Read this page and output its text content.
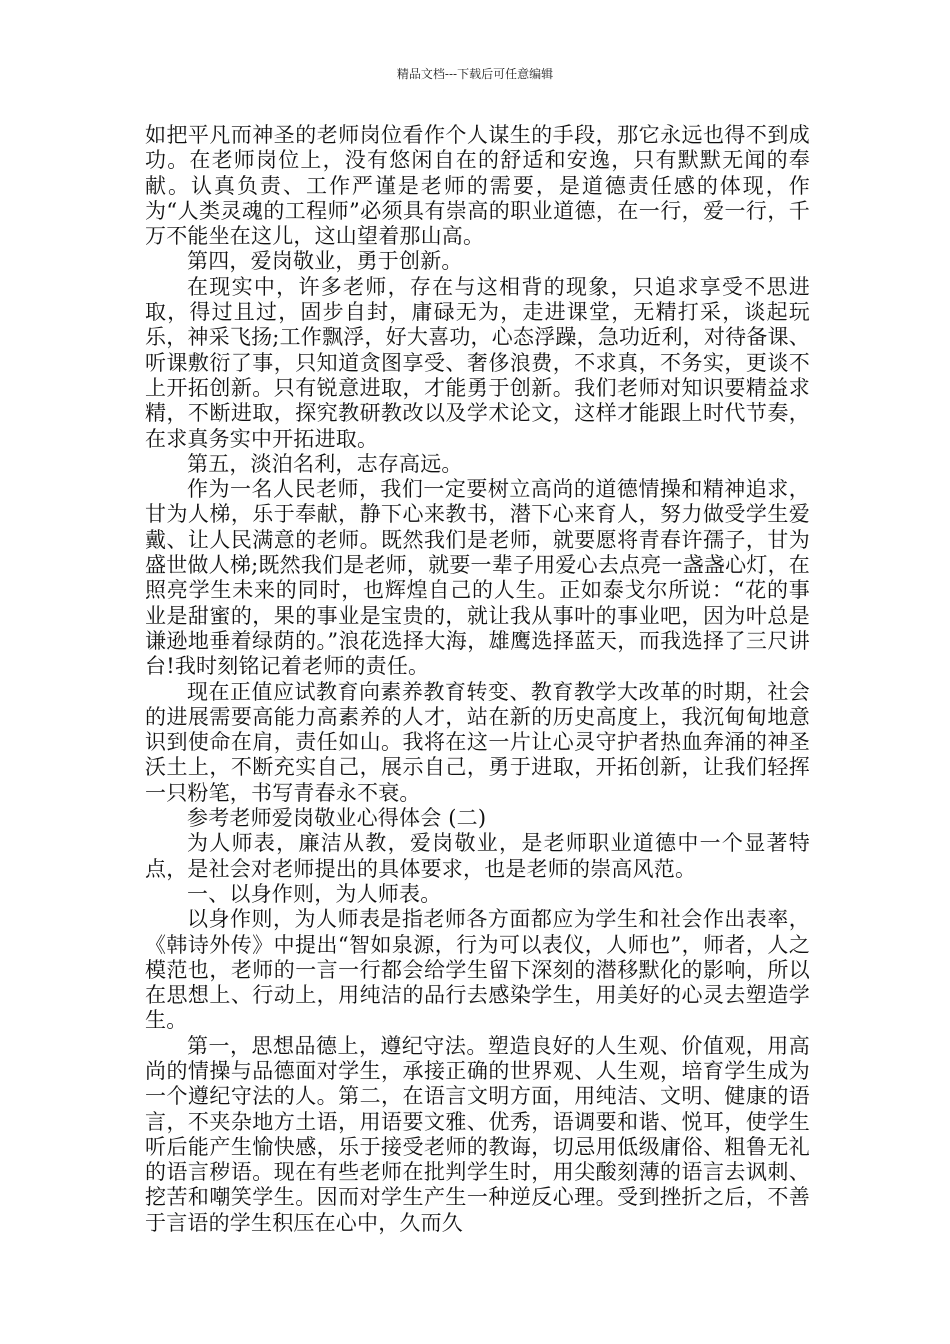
精品文档---下载后可任意编辑

如把平凡而神圣的老师岗位看作个人谋生的手段，那它永远也得不到成功。在老师岗位上，没有悠闲自在的舒适和安逸，只有默默无闻的奉献。认真负责、工作严谨是老师的需要，是道德责任感的体现，作为“人类灵魂的工程师”必须具有崇高的职业道德，在一行，爱一行，千万不能坐在这儿，这山望着那山高。

第四，爱岗敬业，勇于创新。

在现实中，许多老师，存在与这相背的现象，只追求享受不思进取，得过且过，固步自封，庸碌无为，走进课堂，无精打采，谈起玩乐，神采飞扬;工作飘浮，好大喜功，心态浮躁，急功近利，对待备课、听课敷衍了事，只知道贪图享受、奢侈浪费，不求真，不务实，更谈不上开拓创新。只有锐意进取，才能勇于创新。我们老师对知识要精益求精，不断进取，探究教研教改以及学术论文，这样才能跟上时代节奏，在求真务实中开拓进取。

第五，淡泊名利，志存高远。

作为一名人民老师，我们一定要树立高尚的道德情操和精神追求，甘为人梯，乐于奉献，静下心来教书，潜下心来育人，努力做受学生爱戴、让人民满意的老师。既然我们是老师，就要愿将青春许孺子，甘为盛世做人梯;既然我们是老师，就要一辈子用爱心去点亮一盏盏心灯，在照亮学生未来的同时，也辉煌自己的人生。正如泰戈尔所说：“花的事业是甜蜜的，果的事业是宝贵的，就让我从事叶的事业吧，因为叶总是谦逊地垂着绿荫的。”浪花选择大海，雄鹰选择蓝天，而我选择了三尺讲台!我时刻铭记着老师的责任。

现在正值应试教育向素养教育转变、教育教学大改革的时期，社会的进展需要高能力高素养的人才，站在新的历史高度上，我沉甸甸地意识到使命在肩，责任如山。我将在这一片让心灵守护者热血奔涌的神圣沃土上，不断充实自己，展示自己，勇于进取，开拓创新，让我们轻挥一只粉笔，书写青春永不衰。

参考老师爱岗敬业心得体会 (二)

为人师表，廉洁从教，爱岗敬业，是老师职业道德中一个显著特点，是社会对老师提出的具体要求，也是老师的崇高风范。

一、以身作则，为人师表。

以身作则，为人师表是指老师各方面都应为学生和社会作出表率，《韩诗外传》中提出“智如泉源，行为可以表仪，人师也”，师者，人之模范也，老师的一言一行都会给学生留下深刻的潜移默化的影响，所以在思想上、行动上，用纯洁的品行去感染学生，用美好的心灵去塑造学生。

第一，思想品德上，遵纪守法。塑造良好的人生观、价值观，用高尚的情操与品德面对学生，承接正确的世界观、人生观，培育学生成为一个遵纪守法的人。第二，在语言文明方面，用纯洁、文明、健康的语言，不夹杂地方土语，用语要文雅、优秀，语调要和谐、悦耳，使学生听后能产生愉快感，乐于接受老师的教诲，切忌用低级庸俗、粗鲁无礼的语言秽语。现在有些老师在批判学生时，用尖酸刻薄的语言去讽刺、挖苦和嘲笑学生。因而对学生产生一种逆反心理。受到挫折之后，不善于言语的学生积压在心中，久而久
